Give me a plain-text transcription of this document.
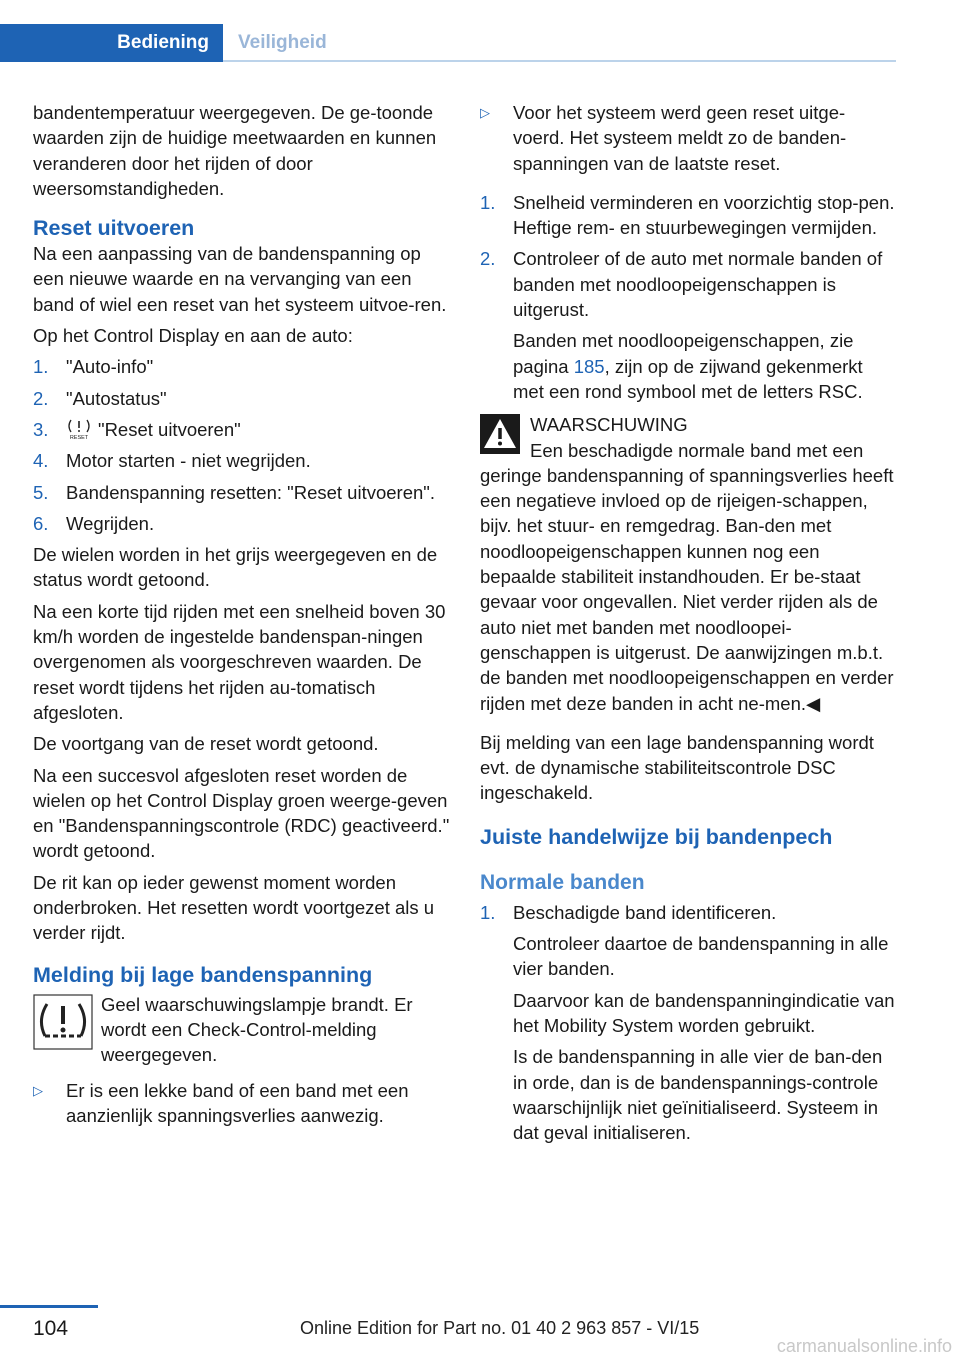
Bediening	Veiligheid

bandentemperatuur weergegeven. De ge‐toonde waarden zijn de huidige meetwaarden en kunnen veranderen door het rijden of door weersomstandigheden.

Reset uitvoeren

Na een aanpassing van de bandenspanning op een nieuwe waarde en na vervanging van een band of wiel een reset van het systeem uitvoe‐ren.

Op het Control Display en aan de auto:

1. "Auto-info"
2. "Autostatus"
3.	RESET "Reset uitvoeren"
4. Motor starten - niet wegrijden.
5. Bandenspanning resetten: "Reset uitvoeren".
6. Wegrijden.

De wielen worden in het grijs weergegeven en de status wordt getoond.

Na een korte tijd rijden met een snelheid boven 30 km/h worden de ingestelde bandenspan‐ningen overgenomen als voorgeschreven waarden. De reset wordt tijdens het rijden au‐tomatisch afgesloten.

De voortgang van de reset wordt getoond.

Na een succesvol afgesloten reset worden de wielen op het Control Display groen weerge‐geven en "Bandenspanningscontrole (RDC) geactiveerd." wordt getoond.

De rit kan op ieder gewenst moment worden onderbroken. Het resetten wordt voortgezet als u verder rijdt.

Melding bij lage bandenspanning

Geel waarschuwingslampje brandt. Er wordt een Check-Control-melding weergegeven.

▷ Er is een lekke band of een band met een aanzienlijk spanningsverlies aanwezig.
▷ Voor het systeem werd geen reset uitge‐voerd. Het systeem meldt zo de banden‐spanningen van de laatste reset.
1. Snelheid verminderen en voorzichtig stop‐pen. Heftige rem- en stuurbewegingen vermijden.
2. Controleer of de auto met normale banden of banden met noodloopeigenschappen is uitgerust.
Banden met noodloopeigenschappen, zie pagina 185, zijn op de zijwand gekenmerkt met een rond symbool met de letters RSC.
WAARSCHUWING
Een beschadigde normale band met een

geringe bandenspanning of spanningsverlies heeft een negatieve invloed op de rijeigen‐schappen, bijv. het stuur- en remgedrag. Ban‐den met noodloopeigenschappen kunnen nog een bepaalde stabiliteit instandhouden. Er be‐staat gevaar voor ongevallen. Niet verder rijden als de auto niet met banden met noodloopei‐genschappen is uitgerust. De aanwijzingen m.b.t. de banden met noodloopeigenschappen en verder rijden met deze banden in acht ne‐men.◀

Bij melding van een lage bandenspanning wordt evt. de dynamische stabiliteitscontrole DSC ingeschakeld.

Juiste handelwijze bij bandenpech
Normale banden
1. Beschadigde band identificeren.
Controleer daartoe de bandenspanning in alle vier banden.
Daarvoor kan de bandenspanningindicatie van het Mobility System worden gebruikt.
Is de bandenspanning in alle vier de ban‐den in orde, dan is de bandenspannings‐controle waarschijnlijk niet geïnitialiseerd. Systeem in dat geval initialiseren.
104	Online Edition for Part no. 01 40 2 963 857 - VI/15
carmanualsonline.info
